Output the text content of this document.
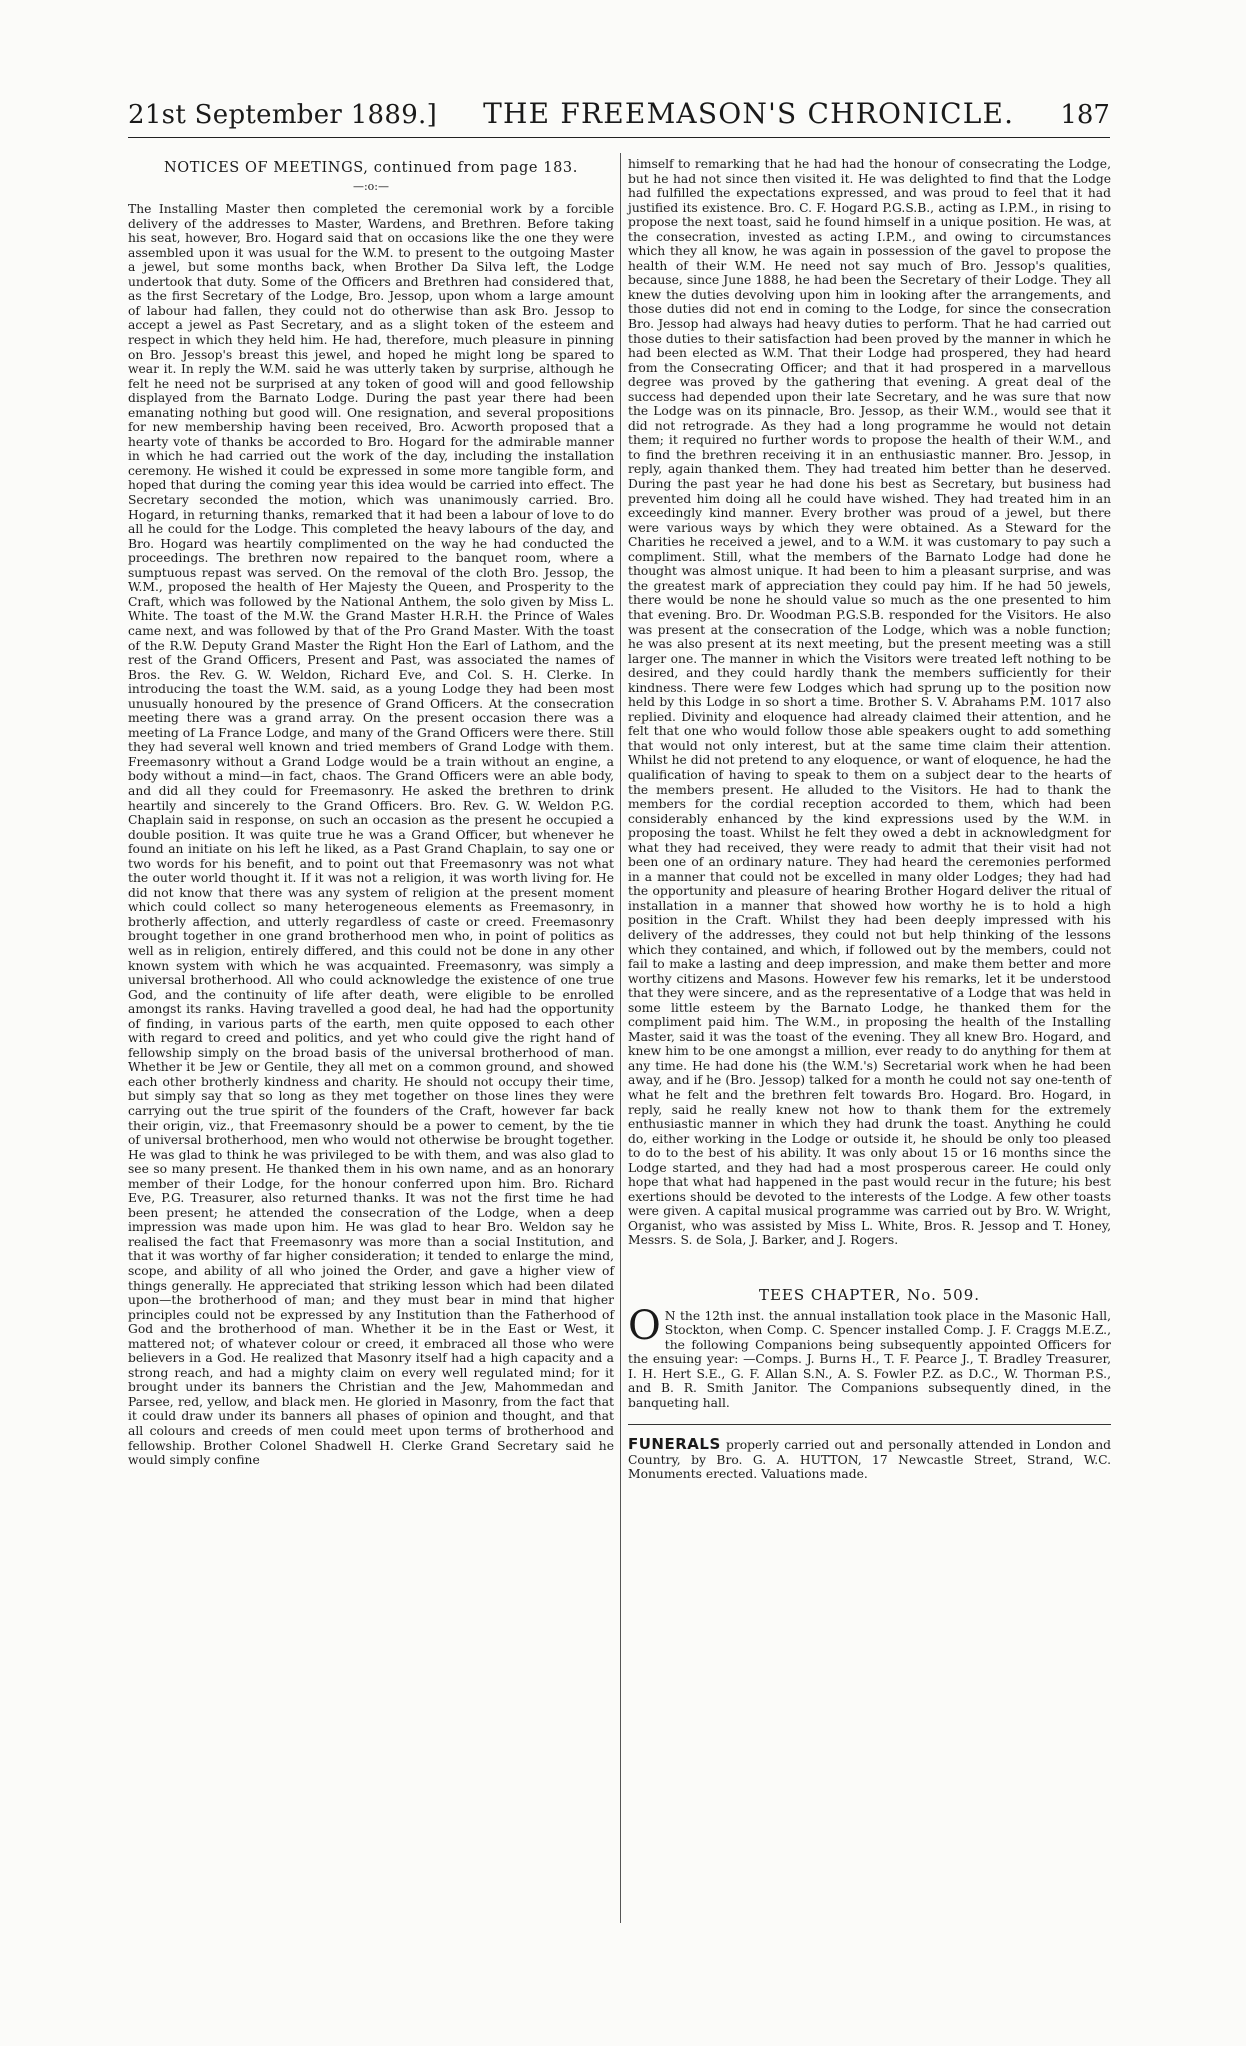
21st September 1889.] THE FREEMASON'S CHRONICLE. 187
NOTICES OF MEETINGS, continued from page 183.
—:o:—

The Installing Master then completed the ceremonial work by a forcible delivery of the addresses to Master, Wardens, and Brethren. Before taking his seat, however, Bro. Hogard said that on occasions like the one they were assembled upon it was usual for the W.M. to present to the outgoing Master a jewel, but some months back, when Brother Da Silva left, the Lodge undertook that duty. Some of the Officers and Brethren had considered that, as the first Secretary of the Lodge, Bro. Jessop, upon whom a large amount of labour had fallen, they could not do otherwise than ask Bro. Jessop to accept a jewel as Past Secretary, and as a slight token of the esteem and respect in which they held him. He had, therefore, much pleasure in pinning on Bro. Jessop's breast this jewel, and hoped he might long be spared to wear it. In reply the W.M. said he was utterly taken by surprise, although he felt he need not be surprised at any token of good will and good fellowship displayed from the Barnato Lodge. During the past year there had been emanating nothing but good will. One resignation, and several propositions for new membership having been received, Bro. Acworth proposed that a hearty vote of thanks be accorded to Bro. Hogard for the admirable manner in which he had carried out the work of the day, including the installation ceremony. He wished it could be expressed in some more tangible form, and hoped that during the coming year this idea would be carried into effect. The Secretary seconded the motion, which was unanimously carried. Bro. Hogard, in returning thanks, remarked that it had been a labour of love to do all he could for the Lodge. This completed the heavy labours of the day, and Bro. Hogard was heartily complimented on the way he had conducted the proceedings. The brethren now repaired to the banquet room, where a sumptuous repast was served. On the removal of the cloth Bro. Jessop, the W.M., proposed the health of Her Majesty the Queen, and Prosperity to the Craft, which was followed by the National Anthem, the solo given by Miss L. White. The toast of the M.W. the Grand Master H.R.H. the Prince of Wales came next, and was followed by that of the Pro Grand Master. With the toast of the R.W. Deputy Grand Master the Right Hon the Earl of Lathom, and the rest of the Grand Officers, Present and Past, was associated the names of Bros. the Rev. G. W. Weldon, Richard Eve, and Col. S. H. Clerke. In introducing the toast the W.M. said, as a young Lodge they had been most unusually honoured by the presence of Grand Officers. At the consecration meeting there was a grand array. On the present occasion there was a meeting of La France Lodge, and many of the Grand Officers were there. Still they had several well known and tried members of Grand Lodge with them. Freemasonry without a Grand Lodge would be a train without an engine, a body without a mind—in fact, chaos. The Grand Officers were an able body, and did all they could for Freemasonry. He asked the brethren to drink heartily and sincerely to the Grand Officers. Bro. Rev. G. W. Weldon P.G. Chaplain said in response, on such an occasion as the present he occupied a double position. It was quite true he was a Grand Officer, but whenever he found an initiate on his left he liked, as a Past Grand Chaplain, to say one or two words for his benefit, and to point out that Freemasonry was not what the outer world thought it. If it was not a religion, it was worth living for. He did not know that there was any system of religion at the present moment which could collect so many heterogeneous elements as Freemasonry, in brotherly affection, and utterly regardless of caste or creed. Freemasonry brought together in one grand brotherhood men who, in point of politics as well as in religion, entirely differed, and this could not be done in any other known system with which he was acquainted. Freemasonry, was simply a universal brotherhood. All who could acknowledge the existence of one true God, and the continuity of life after death, were eligible to be enrolled amongst its ranks. Having travelled a good deal, he had had the opportunity of finding, in various parts of the earth, men quite opposed to each other with regard to creed and politics, and yet who could give the right hand of fellowship simply on the broad basis of the universal brotherhood of man. Whether it be Jew or Gentile, they all met on a common ground, and showed each other brotherly kindness and charity. He should not occupy their time, but simply say that so long as they met together on those lines they were carrying out the true spirit of the founders of the Craft, however far back their origin, viz., that Freemasonry should be a power to cement, by the tie of universal brotherhood, men who would not otherwise be brought together. He was glad to think he was privileged to be with them, and was also glad to see so many present. He thanked them in his own name, and as an honorary member of their Lodge, for the honour conferred upon him. Bro. Richard Eve, P.G. Treasurer, also returned thanks. It was not the first time he had been present; he attended the consecration of the Lodge, when a deep impression was made upon him. He was glad to hear Bro. Weldon say he realised the fact that Freemasonry was more than a social Institution, and that it was worthy of far higher consideration; it tended to enlarge the mind, scope, and ability of all who joined the Order, and gave a higher view of things generally. He appreciated that striking lesson which had been dilated upon—the brotherhood of man; and they must bear in mind that higher principles could not be expressed by any Institution than the Fatherhood of God and the brotherhood of man. Whether it be in the East or West, it mattered not; of whatever colour or creed, it embraced all those who were believers in a God. He realized that Masonry itself had a high capacity and a strong reach, and had a mighty claim on every well regulated mind; for it brought under its banners the Christian and the Jew, Mahommedan and Parsee, red, yellow, and black men. He gloried in Masonry, from the fact that it could draw under its banners all phases of opinion and thought, and that all colours and creeds of men could meet upon terms of brotherhood and fellowship. Brother Colonel Shadwell H. Clerke Grand Secretary said he would simply confine

himself to remarking that he had had the honour of consecrating the Lodge, but he had not since then visited it. He was delighted to find that the Lodge had fulfilled the expectations expressed, and was proud to feel that it had justified its existence. Bro. C. F. Hogard P.G.S.B., acting as I.P.M., in rising to propose the next toast, said he found himself in a unique position. He was, at the consecration, invested as acting I.P.M., and owing to circumstances which they all know, he was again in possession of the gavel to propose the health of their W.M. He need not say much of Bro. Jessop's qualities, because, since June 1888, he had been the Secretary of their Lodge. They all knew the duties devolving upon him in looking after the arrangements, and those duties did not end in coming to the Lodge, for since the consecration Bro. Jessop had always had heavy duties to perform. That he had carried out those duties to their satisfaction had been proved by the manner in which he had been elected as W.M. That their Lodge had prospered, they had heard from the Consecrating Officer; and that it had prospered in a marvellous degree was proved by the gathering that evening. A great deal of the success had depended upon their late Secretary, and he was sure that now the Lodge was on its pinnacle, Bro. Jessop, as their W.M., would see that it did not retrograde. As they had a long programme he would not detain them; it required no further words to propose the health of their W.M., and to find the brethren receiving it in an enthusiastic manner. Bro. Jessop, in reply, again thanked them. They had treated him better than he deserved. During the past year he had done his best as Secretary, but business had prevented him doing all he could have wished. They had treated him in an exceedingly kind manner. Every brother was proud of a jewel, but there were various ways by which they were obtained. As a Steward for the Charities he received a jewel, and to a W.M. it was customary to pay such a compliment. Still, what the members of the Barnato Lodge had done he thought was almost unique. It had been to him a pleasant surprise, and was the greatest mark of appreciation they could pay him. If he had 50 jewels, there would be none he should value so much as the one presented to him that evening. Bro. Dr. Woodman P.G.S.B. responded for the Visitors. He also was present at the consecration of the Lodge, which was a noble function; he was also present at its next meeting, but the present meeting was a still larger one. The manner in which the Visitors were treated left nothing to be desired, and they could hardly thank the members sufficiently for their kindness. There were few Lodges which had sprung up to the position now held by this Lodge in so short a time. Brother S. V. Abrahams P.M. 1017 also replied. Divinity and eloquence had already claimed their attention, and he felt that one who would follow those able speakers ought to add something that would not only interest, but at the same time claim their attention. Whilst he did not pretend to any eloquence, or want of eloquence, he had the qualification of having to speak to them on a subject dear to the hearts of the members present. He alluded to the Visitors. He had to thank the members for the cordial reception accorded to them, which had been considerably enhanced by the kind expressions used by the W.M. in proposing the toast. Whilst he felt they owed a debt in acknowledgment for what they had received, they were ready to admit that their visit had not been one of an ordinary nature. They had heard the ceremonies performed in a manner that could not be excelled in many older Lodges; they had had the opportunity and pleasure of hearing Brother Hogard deliver the ritual of installation in a manner that showed how worthy he is to hold a high position in the Craft. Whilst they had been deeply impressed with his delivery of the addresses, they could not but help thinking of the lessons which they contained, and which, if followed out by the members, could not fail to make a lasting and deep impression, and make them better and more worthy citizens and Masons. However few his remarks, let it be understood that they were sincere, and as the representative of a Lodge that was held in some little esteem by the Barnato Lodge, he thanked them for the compliment paid him. The W.M., in proposing the health of the Installing Master, said it was the toast of the evening. They all knew Bro. Hogard, and knew him to be one amongst a million, ever ready to do anything for them at any time. He had done his (the W.M.'s) Secretarial work when he had been away, and if he (Bro. Jessop) talked for a month he could not say one-tenth of what he felt and the brethren felt towards Bro. Hogard. Bro. Hogard, in reply, said he really knew not how to thank them for the extremely enthusiastic manner in which they had drunk the toast. Anything he could do, either working in the Lodge or outside it, he should be only too pleased to do to the best of his ability. It was only about 15 or 16 months since the Lodge started, and they had had a most prosperous career. He could only hope that what had happened in the past would recur in the future; his best exertions should be devoted to the interests of the Lodge. A few other toasts were given. A capital musical programme was carried out by Bro. W. Wright, Organist, who was assisted by Miss L. White, Bros. R. Jessop and T. Honey, Messrs. S. de Sola, J. Barker, and J. Rogers.

TEES CHAPTER, No. 509.

O N the 12th inst. the annual installation took place in the Masonic Hall, Stockton, when Comp. C. Spencer installed Comp. J. F. Craggs M.E.Z., the following Companions being subsequently appointed Officers for the ensuing year: —Comps. J. Burns H., T. F. Pearce J., T. Bradley Treasurer, I. H. Hert S.E., G. F. Allan S.N., A. S. Fowler P.Z. as D.C., W. Thorman P.S., and B. R. Smith Janitor. The Companions subsequently dined, in the banqueting hall.

FUNERALS properly carried out and personally attended in London and Country, by Bro. G. A. HUTTON, 17 Newcastle Street, Strand, W.C. Monuments erected. Valuations made.
